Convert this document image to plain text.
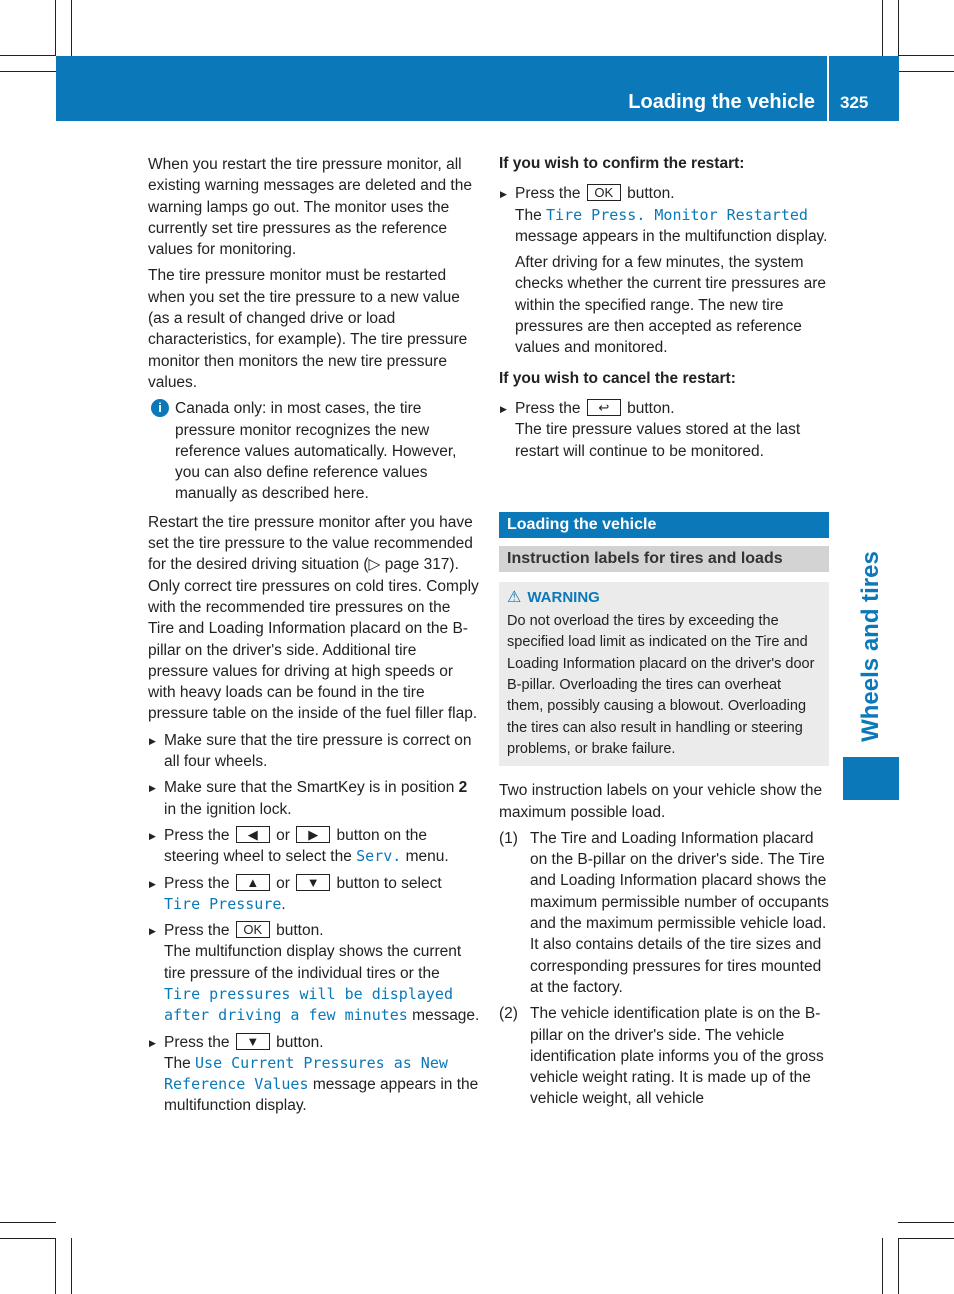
Loading the vehicle 325
Wheels and tires

When you restart the tire pressure monitor, all existing warning messages are deleted and the warning lamps go out. The monitor uses the currently set tire pressures as the reference values for monitoring.

The tire pressure monitor must be restarted when you set the tire pressure to a new value (as a result of changed drive or load characteristics, for example). The tire pressure monitor then monitors the new tire pressure values.

i Canada only: in most cases, the tire pressure monitor recognizes the new reference values automatically. However, you can also define reference values manually as described here.

Restart the tire pressure monitor after you have set the tire pressure to the value recommended for the desired driving situation (▷ page 317). Only correct tire pressures on cold tires. Comply with the recommended tire pressures on the Tire and Loading Information placard on the B-pillar on the driver's side. Additional tire pressure values for driving at high speeds or with heavy loads can be found in the tire pressure table on the inside of the fuel filler flap.

▶ Make sure that the tire pressure is correct on all four wheels.
▶ Make sure that the SmartKey is in position 2 in the ignition lock.
▶ Press the ◀ or ▶ button on the steering wheel to select the Serv. menu.
▶ Press the ▲ or ▼ button to select Tire Pressure.
▶ Press the OK button.
The multifunction display shows the current tire pressure of the individual tires or the Tire pressures will be displayed after driving a few minutes message.
▶ Press the ▼ button.
The Use Current Pressures as New Reference Values message appears in the multifunction display.
If you wish to confirm the restart:
▶ Press the OK button.
The Tire Press. Monitor Restarted message appears in the multifunction display.
After driving for a few minutes, the system checks whether the current tire pressures are within the specified range. The new tire pressures are then accepted as reference values and monitored.
If you wish to cancel the restart:
▶ Press the ↩ button.
The tire pressure values stored at the last restart will continue to be monitored.
Loading the vehicle
Instruction labels for tires and loads
⚠ WARNING
Do not overload the tires by exceeding the specified load limit as indicated on the Tire and Loading Information placard on the driver's door B-pillar. Overloading the tires can overheat them, possibly causing a blowout. Overloading the tires can also result in handling or steering problems, or brake failure.

Two instruction labels on your vehicle show the maximum possible load.

(1) The Tire and Loading Information placard on the B-pillar on the driver's side. The Tire and Loading Information placard shows the maximum permissible number of occupants and the maximum permissible vehicle load. It also contains details of the tire sizes and corresponding pressures for tires mounted at the factory.
(2) The vehicle identification plate is on the B-pillar on the driver's side. The vehicle identification plate informs you of the gross vehicle weight rating. It is made up of the vehicle weight, all vehicle
